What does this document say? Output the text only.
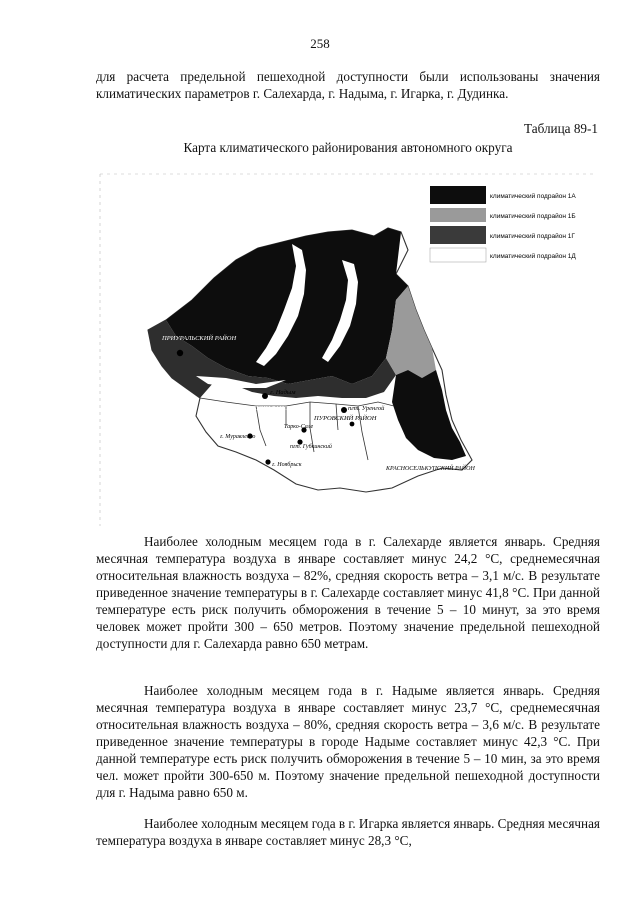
258

для расчета предельной пешеходной доступности были использованы значения климатических параметров г. Салехарда, г. Надыма, г. Игарка, г. Дудинка.

Таблица 89-1
Карта климатического районирования автономного округа
ПРИУРАЛЬСКИЙ РАЙОН
НАДЫМСКИЙ РАЙОН
г. Надым
пгт. Уренгой
ПУРОВСКИЙ РАЙОН
Тарко-Сале
г. Муравленко
пгт. Губкинский
г. Ноябрьск
КРАСНОСЕЛЬКУПСКИЙ РАЙОН
климатический подрайон 1А
климатический подрайон 1Б
климатический подрайон 1Г
климатический подрайон 1Д

Наиболее холодным месяцем года в г. Салехарде является январь. Средняя месячная температура воздуха в январе составляет минус 24,2 °С, среднемесячная относительная влажность воздуха – 82%, средняя скорость ветра – 3,1 м/с. В результате приведенное значение температуры в г. Салехарде составляет минус 41,8 °С. При данной температуре есть риск получить обморожения в течение 5 – 10 минут, за это время человек может пройти 300 – 650 метров. Поэтому значение предельной пешеходной доступности для г. Салехарда равно 650 метрам.

Наиболее холодным месяцем года в г. Надыме является январь. Средняя месячная температура воздуха в январе составляет минус 23,7 °С, среднемесячная относительная влажность воздуха – 80%, средняя скорость ветра – 3,6 м/с. В результате приведенное значение температуры в городе Надыме составляет минус 42,3 °С. При данной температуре есть риск получить обморожения в течение 5 – 10 мин, за это время чел. может пройти 300-650 м. Поэтому значение предельной пешеходной доступности для г. Надыма равно 650 м.

Наиболее холодным месяцем года в г. Игарка является январь. Средняя месячная температура воздуха в январе составляет минус 28,3 °С,
